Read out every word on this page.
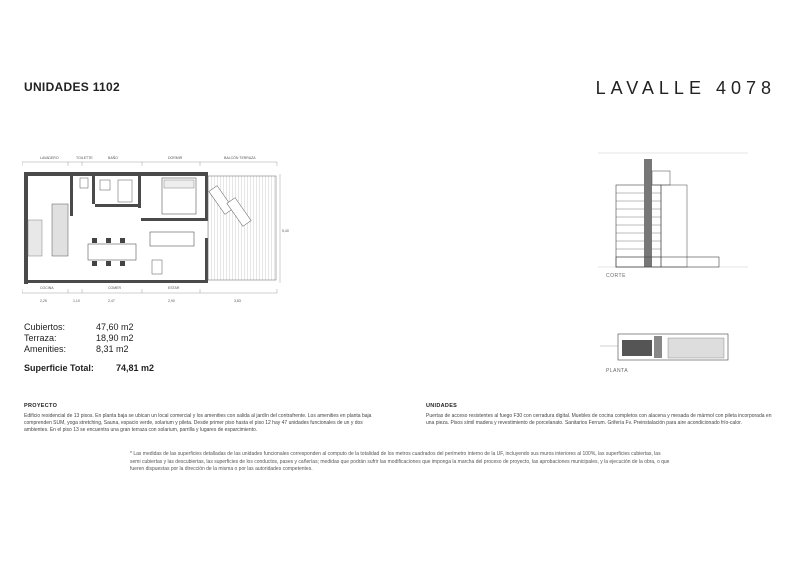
UNIDADES 1102	LAVALLE 4078
LAVADERO	TOILETTE	BAÑO	DORMIR	BALCÓN TERRAZA
COCINA	COMER	ESTAR
2,25	1,10	2,47	2,90	3,83
5,40
CORTE
PLANTA
Cubiertos:	47,60 m2
Terraza:	18,90 m2
Amenities:	8,31 m2
Superficie Total:	74,81 m2
PROYECTO
Edificio residencial de 13 pisos. En planta baja se ubican un local comercial y los amenities con salida al jardín del contrafrente. Los amenities en planta baja comprenden SUM, yoga stretching, Sauna, espacio verde, solarium y pileta. Desde primer piso hasta el piso 12 hay 47 unidades funcionales de un y dos ambientes. En el piso 13 se encuentra una gran terraza con solarium, parrilla y lugares de esparcimiento.
UNIDADES
Puertas de acceso resistentes al fuego F30 con cerradura digital. Muebles de cocina completos con alacena y mesada de mármol con pileta incorporada en una pieza. Pisos símil madera y revestimiento de porcelanato. Sanitarios Ferrum. Grifería Fv. Preinstalación para aire acondicionado frío-calor.
* Las medidas de las superficies detalladas de las unidades funcionales corresponden al computo de la totalidad de los metros cuadrados del perímetro interno de la UF, incluyendo sus muros interiores al 100%, las superficies cubiertas, las semi cubiertas y las descubiertas, las superficies de los conductos, pases y cañerías; medidas que podrán sufrir las modificaciones que imponga la marcha del proceso de proyecto, las aprobaciones municipales, y la ejecución de la obra, o que fueren dispuestas por la dirección de la misma o por las autoridades competentes.
